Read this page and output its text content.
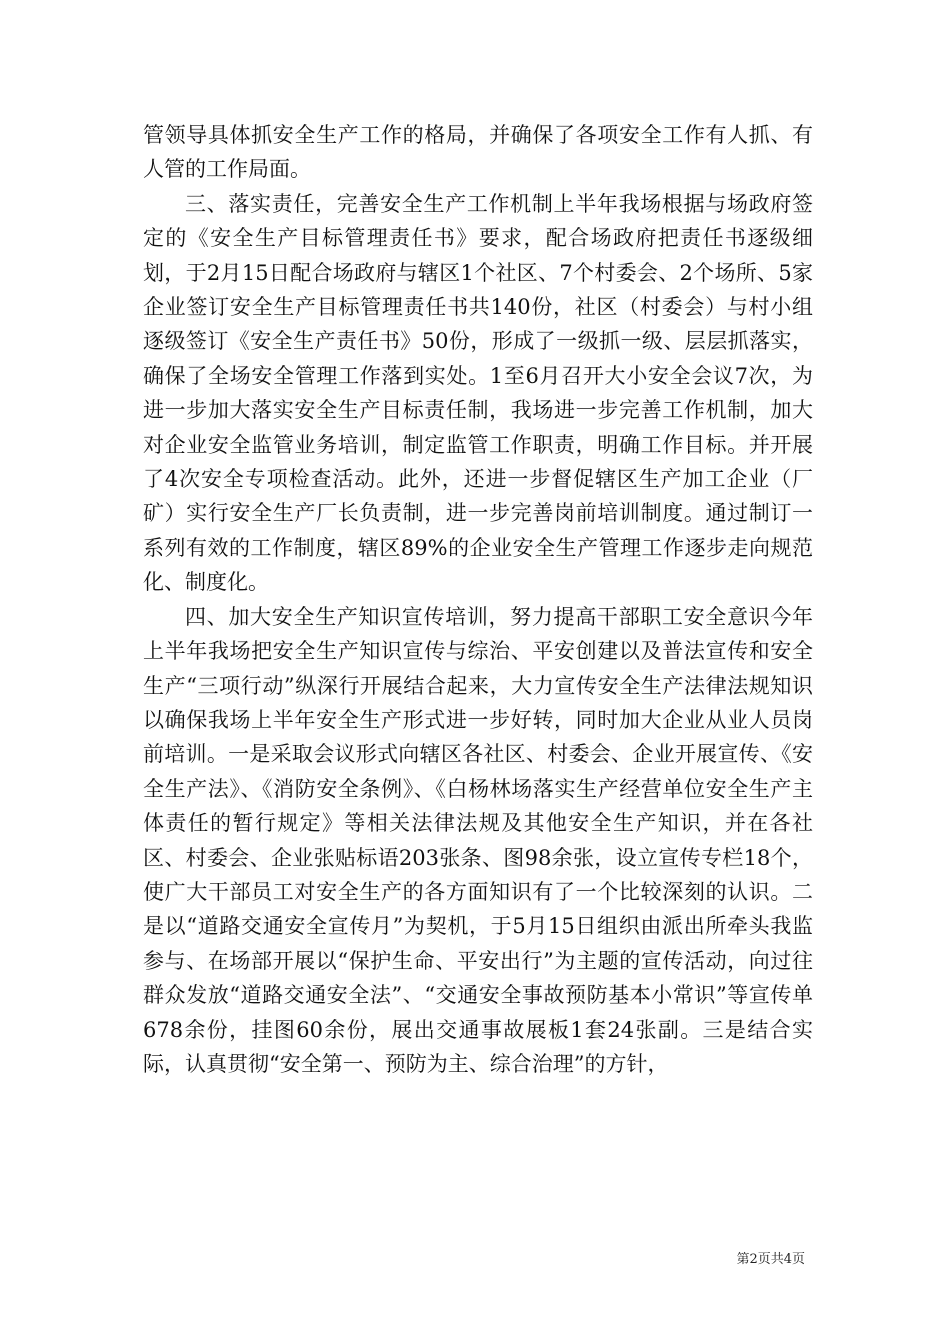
管领导具体抓安全生产工作的格局，并确保了各项安全工作有人抓、有人管的工作局面。

三、落实责任，完善安全生产工作机制上半年我场根据与场政府签定的《安全生产目标管理责任书》要求，配合场政府把责任书逐级细划，于2月15日配合场政府与辖区1个社区、7个村委会、2个场所、5家企业签订安全生产目标管理责任书共140份，社区（村委会）与村小组逐级签订《安全生产责任书》50份，形成了一级抓一级、层层抓落实，确保了全场安全管理工作落到实处。1至6月召开大小安全会议7次，为进一步加大落实安全生产目标责任制，我场进一步完善工作机制，加大对企业安全监管业务培训，制定监管工作职责，明确工作目标。并开展了4次安全专项检查活动。此外，还进一步督促辖区生产加工企业（厂矿）实行安全生产厂长负责制，进一步完善岗前培训制度。通过制订一系列有效的工作制度，辖区89%的企业安全生产管理工作逐步走向规范化、制度化。

四、加大安全生产知识宣传培训，努力提高干部职工安全意识今年上半年我场把安全生产知识宣传与综治、平安创建以及普法宣传和安全生产“三项行动”纵深行开展结合起来，大力宣传安全生产法律法规知识以确保我场上半年安全生产形式进一步好转，同时加大企业从业人员岗前培训。一是采取会议形式向辖区各社区、村委会、企业开展宣传、《安全生产法》、《消防安全条例》、《白杨林场落实生产经营单位安全生产主体责任的暂行规定》等相关法律法规及其他安全生产知识，并在各社区、村委会、企业张贴标语203张条、图98余张，设立宣传专栏18个，使广大干部员工对安全生产的各方面知识有了一个比较深刻的认识。二是以“道路交通安全宣传月”为契机，于5月15日组织由派出所牵头我监参与、在场部开展以“保护生命、平安出行”为主题的宣传活动，向过往群众发放“道路交通安全法”、“交通安全事故预防基本小常识”等宣传单678余份，挂图60余份，展出交通事故展板1套24张副。三是结合实际，认真贯彻“安全第一、预防为主、综合治理”的方针，

第2页共4页
